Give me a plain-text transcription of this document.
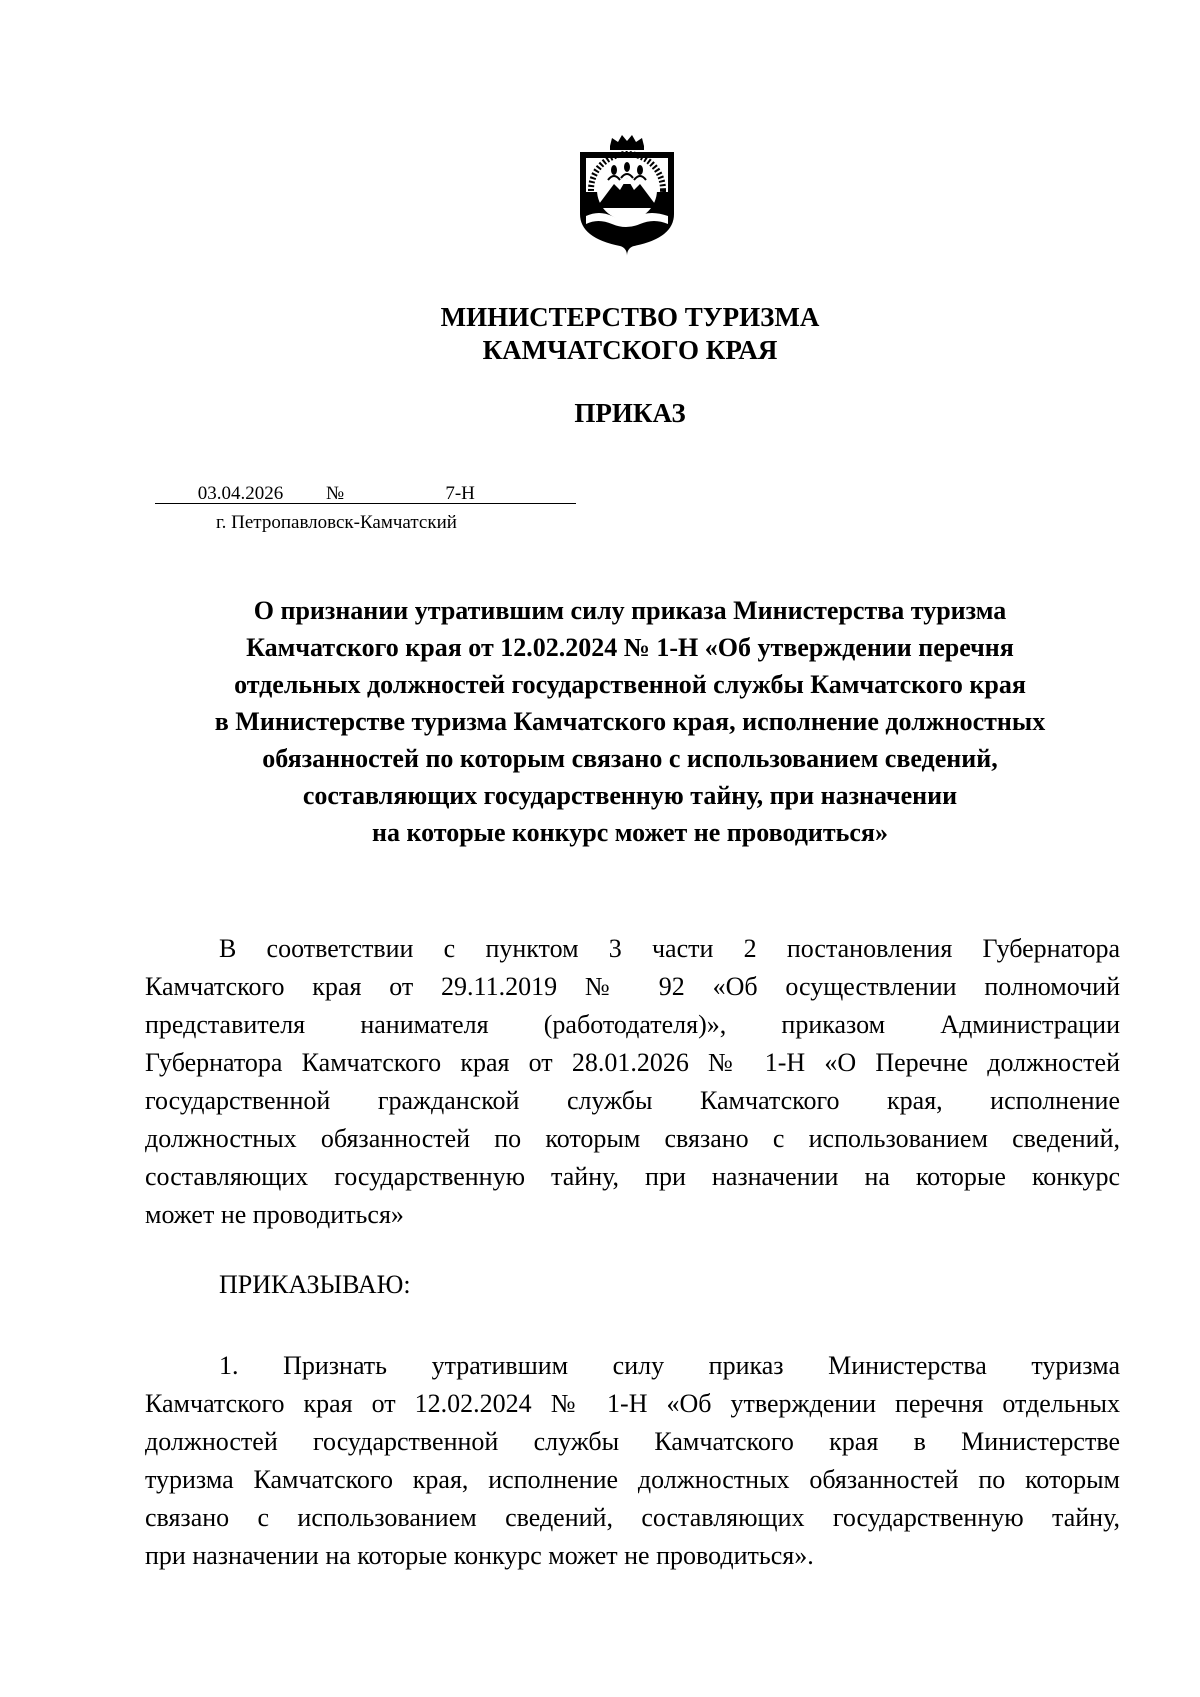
МИНИСТЕРСТВО ТУРИЗМА
КАМЧАТСКОГО КРАЯ
ПРИКАЗ
03.04.2026 №	7-Н
г. Петропавловск-Камчатский
О признании утратившим силу приказа Министерства туризма
Камчатского края от 12.02.2024 № 1-Н «Об утверждении перечня
отдельных должностей государственной службы Камчатского края
в Министерстве туризма Камчатского края, исполнение должностных
обязанностей по которым связано с использованием сведений,
составляющих государственную тайну, при назначении
на которые конкурс может не проводиться»
В соответствии с пунктом 3 части 2 постановления Губернатора
Камчатского края от 29.11.2019 № 92 «Об осуществлении полномочий
представителя нанимателя (работодателя)», приказом Администрации
Губернатора Камчатского края от 28.01.2026 № 1-Н «О Перечне должностей
государственной гражданской службы Камчатского края, исполнение
должностных обязанностей по которым связано с использованием сведений,
составляющих государственную тайну, при назначении на которые конкурс
может не проводиться»
ПРИКАЗЫВАЮ:
1. Признать утратившим силу приказ Министерства туризма
Камчатского края от 12.02.2024 № 1-Н «Об утверждении перечня отдельных
должностей государственной службы Камчатского края в Министерстве
туризма Камчатского края, исполнение должностных обязанностей по которым
связано с использованием сведений, составляющих государственную тайну,
при назначении на которые конкурс может не проводиться».
